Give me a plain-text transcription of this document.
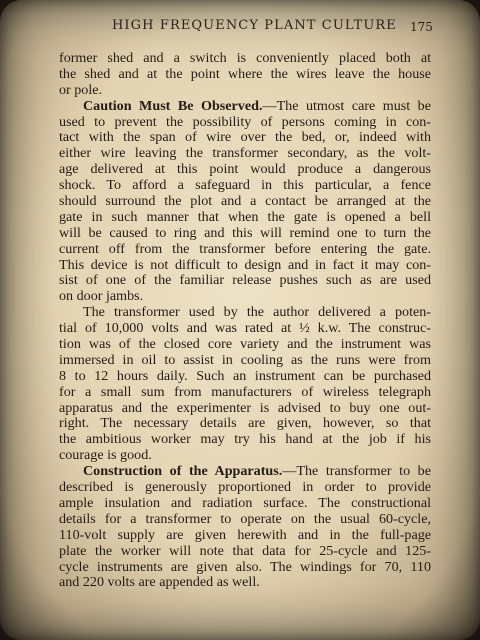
HIGH FREQUENCY PLANT CULTURE 175
former shed and a switch is conveniently placed both at
the shed and at the point where the wires leave the house
or pole.
Caution Must Be Observed.—The utmost care must be
used to prevent the possibility of persons coming in con-
tact with the span of wire over the bed, or, indeed with
either wire leaving the transformer secondary, as the volt-
age delivered at this point would produce a dangerous
shock. To afford a safeguard in this particular, a fence
should surround the plot and a contact be arranged at the
gate in such manner that when the gate is opened a bell
will be caused to ring and this will remind one to turn the
current off from the transformer before entering the gate.
This device is not difficult to design and in fact it may con-
sist of one of the familiar release pushes such as are used
on door jambs.
The transformer used by the author delivered a poten-
tial of 10,000 volts and was rated at ½ k.w. The construc-
tion was of the closed core variety and the instrument was
immersed in oil to assist in cooling as the runs were from
8 to 12 hours daily. Such an instrument can be purchased
for a small sum from manufacturers of wireless telegraph
apparatus and the experimenter is advised to buy one out-
right. The necessary details are given, however, so that
the ambitious worker may try his hand at the job if his
courage is good.
Construction of the Apparatus.—The transformer to be
described is generously proportioned in order to provide
ample insulation and radiation surface. The constructional
details for a transformer to operate on the usual 60-cycle,
110-volt supply are given herewith and in the full-page
plate the worker will note that data for 25-cycle and 125-
cycle instruments are given also. The windings for 70, 110
and 220 volts are appended as well.
